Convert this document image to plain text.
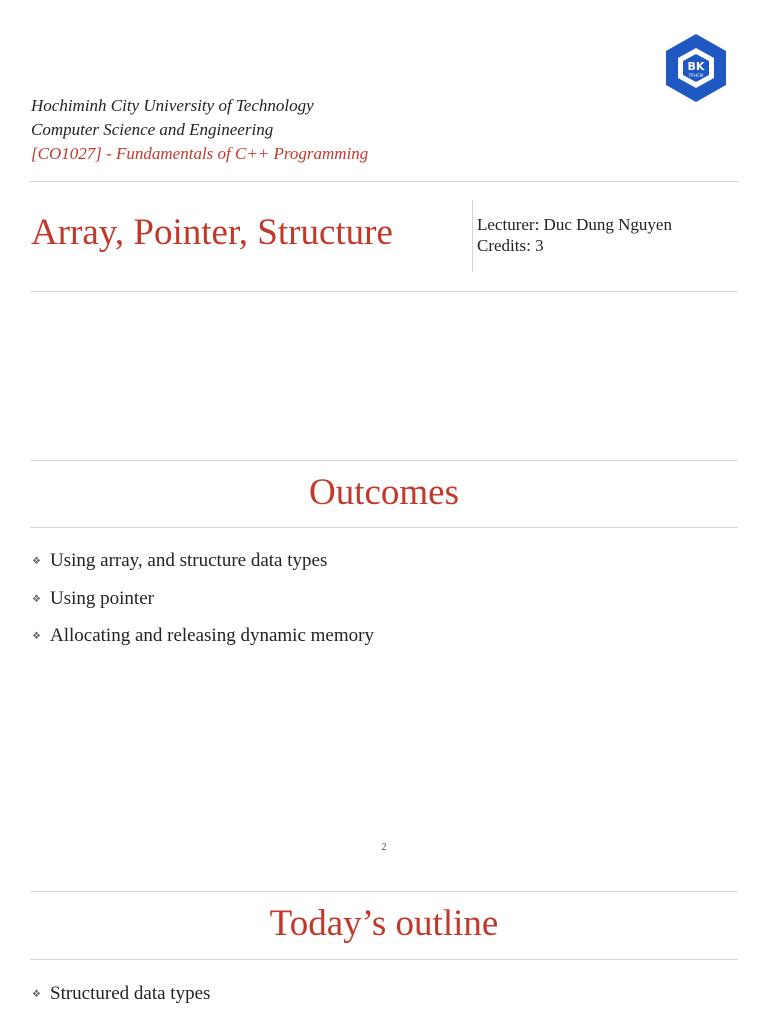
Hochiminh City University of Technology
Computer Science and Engineering
[CO1027] - Fundamentals of C++ Programming
BK
TP.HCM
Array, Pointer, Structure	Lecturer: Duc Dung Nguyen
Credits: 3
Outcomes
❖ Using array, and structure data types
❖ Using pointer
❖ Allocating and releasing dynamic memory
2
Today’s outline
❖ Structured data types
